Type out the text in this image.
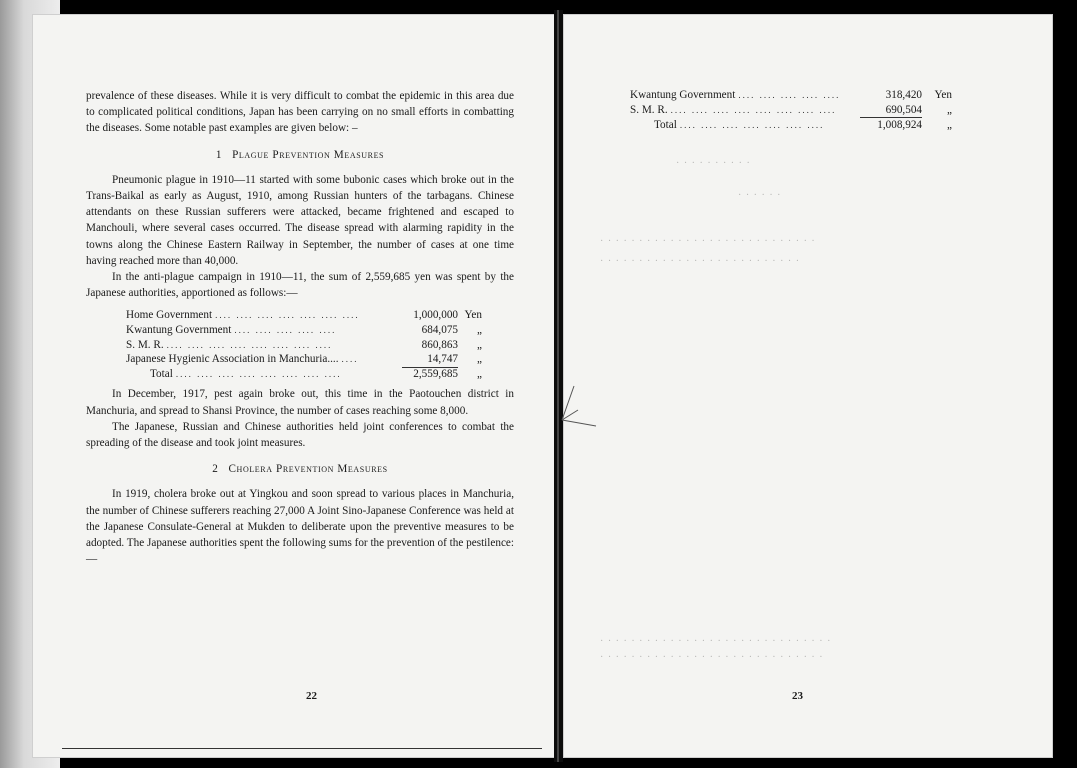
· · · · · · · · · ·
· · · · · ·
· · · · · · · · · · · · · · · · · · · · · · · · · · · ·
· · · · · · · · · · · · · · · · · · · · · · · · · ·
· · · · · · · · · · · · · · · · · · · · · · · · · · · · · ·
· · · · · · · · · · · · · · · · · · · · · · · · · · · · ·

prevalence of these diseases. While it is very difficult to combat the epidemic in this area due to complicated political conditions, Japan has been carrying on no small efforts in combatting the diseases. Some notable past examples are given below: –

1 Plague Prevention Measures

Pneumonic plague in 1910—11 started with some bubonic cases which broke out in the Trans-Baikal as early as August, 1910, among Russian hunters of the tarbagans. Chinese attendants on these Russian sufferers were attacked, became frightened and escaped to Manchouli, where several cases occurred. The disease spread with alarming rapidity in the towns along the Chinese Eastern Railway in September, the number of cases at one time having reached more than 40,000.

In the anti-plague campaign in 1910—11, the sum of 2,559,685 yen was spent by the Japanese authorities, apportioned as follows:—

Home Government .... .... .... .... .... .... ....	1,000,000 Yen
Kwantung Government .... .... .... .... ....	684,075	„
S. M. R. .... .... .... .... .... .... .... ....	860,863	„
Japanese Hygienic Association in Manchuria.... ....	14,747	„
Total .... .... .... .... .... .... .... ....	2,559,685	„

In December, 1917, pest again broke out, this time in the Paotouchen district in Manchuria, and spread to Shansi Province, the number of cases reaching some 8,000.

The Japanese, Russian and Chinese authorities held joint conferences to combat the spreading of the disease and took joint measures.

2 Cholera Prevention Measures

In 1919, cholera broke out at Yingkou and soon spread to various places in Manchuria, the number of Chinese sufferers reaching 27,000 A Joint Sino-Japanese Conference was held at the Japanese Consulate-General at Mukden to deliberate upon the preventive measures to be adopted. The Japanese authorities spent the following sums for the prevention of the pestilence:—

22
Kwantung Government .... .... .... .... ....	318,420	Yen
S. M. R. .... .... .... .... .... .... .... ....	690,504	„
Total .... .... .... .... .... .... ....	1,008,924	„
23
